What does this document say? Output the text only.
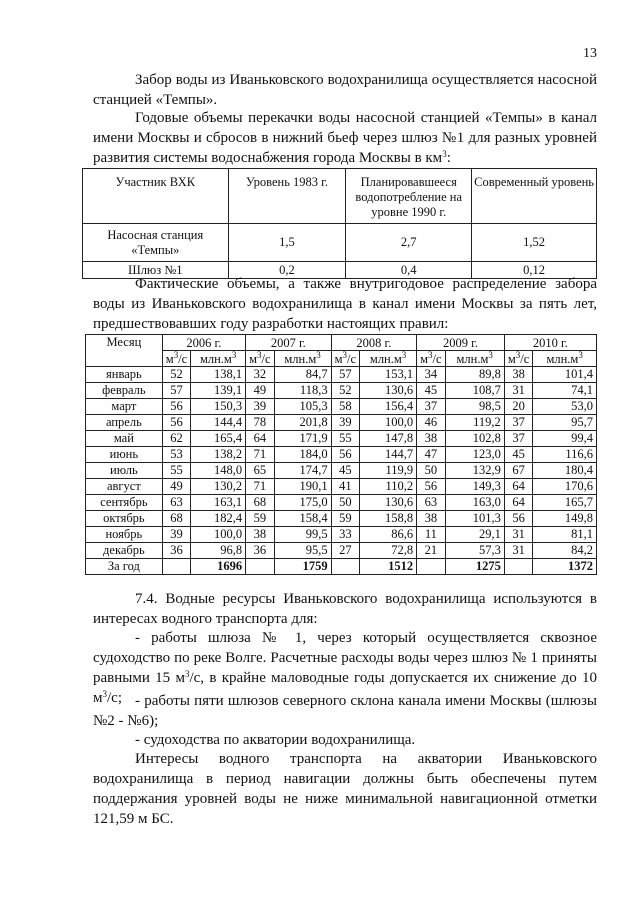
13

Забор воды из Иваньковского водохранилища осуществляется насосной станцией «Темпы».

Годовые объемы перекачки воды насосной станцией «Темпы» в канал имени Москвы и сбросов в нижний бьеф через шлюз №1 для разных уровней развития системы водоснабжения города Москвы в $км^3$:

Участник ВХК	Уровень 1983 г.	Планировавшееся водопотребление на уровне 1990 г.	Современный уровень
Насосная станция «Темпы»	1,5	2,7	1,52
Шлюз №1	0,2	0,4	0,12

Фактические объемы, а также внутригодовое распределение забора воды из Иваньковского водохранилища в канал имени Москвы за пять лет, предшествовавших году разработки настоящих правил:

Месяц	2006 г.		2007 г.		2008 г.		2009 г.		2010 г.	
	$м^3/с$	$млн.м^3$	$м^3/с$	$млн.м^3$	$м^3/с$	$млн.м^3$	$м^3/с$	$млн.м^3$	$м^3/с$	$млн.м^3$
январь	52	138,1	32	84,7	57	153,1	34	89,8	38	101,4
февраль	57	139,1	49	118,3	52	130,6	45	108,7	31	74,1
март	56	150,3	39	105,3	58	156,4	37	98,5	20	53,0
апрель	56	144,4	78	201,8	39	100,0	46	119,2	37	95,7
май	62	165,4	64	171,9	55	147,8	38	102,8	37	99,4
июнь	53	138,2	71	184,0	56	144,7	47	123,0	45	116,6
июль	55	148,0	65	174,7	45	119,9	50	132,9	67	180,4
август	49	130,2	71	190,1	41	110,2	56	149,3	64	170,6
сентябрь	63	163,1	68	175,0	50	130,6	63	163,0	64	165,7
октябрь	68	182,4	59	158,4	59	158,8	38	101,3	56	149,8
ноябрь	39	100,0	38	99,5	33	86,6	11	29,1	31	81,1
декабрь	36	96,8	36	95,5	27	72,8	21	57,3	31	84,2
За год		1696		1759		1512		1275		1372

7.4. Водные ресурсы Иваньковского водохранилища используются в интересах водного транспорта для:

- работы шлюза № 1, через который осуществляется сквозное судоходство по реке Волге. Расчетные расходы воды через шлюз № 1 приняты равными 15 $м^3/с$, в крайне маловодные годы допускается их снижение до 10 $м^3/с$; - работы пяти шлюзов северного склона канала имени Москвы (шлюзы №2 - №6);

- судоходства по акватории водохранилища.

Интересы водного транспорта на акватории Иваньковского водохранилища в период навигации должны быть обеспечены путем поддержания уровней воды не ниже минимальной навигационной отметки 121,59 м БС.
